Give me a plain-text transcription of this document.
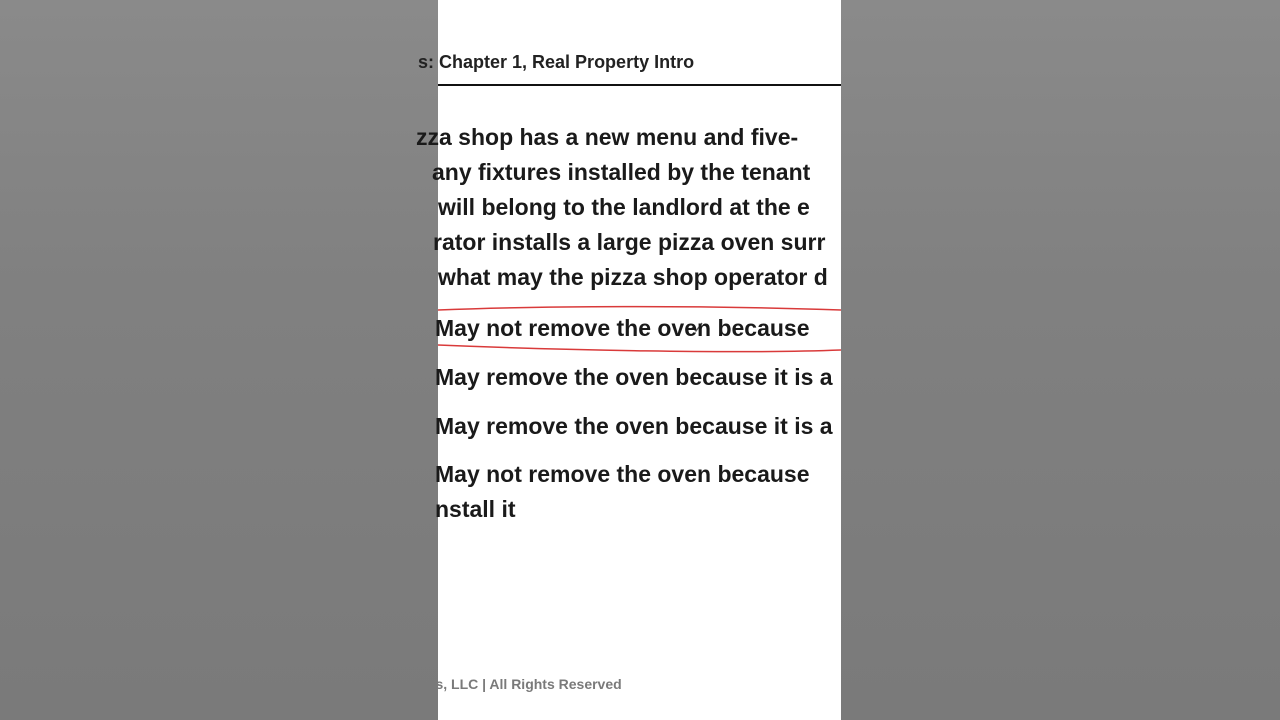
s: Chapter 1, Real Property Intro
zza shop has a new menu and five-
any fixtures installed by the tenant
will belong to the landlord at the e
rator installs a large pizza oven surr
what may the pizza shop operator d
May not remove the oven because
May remove the oven because it is a
May remove the oven because it is a
May not remove the oven because
nstall it
ises, LLC | All Rights Reserved
